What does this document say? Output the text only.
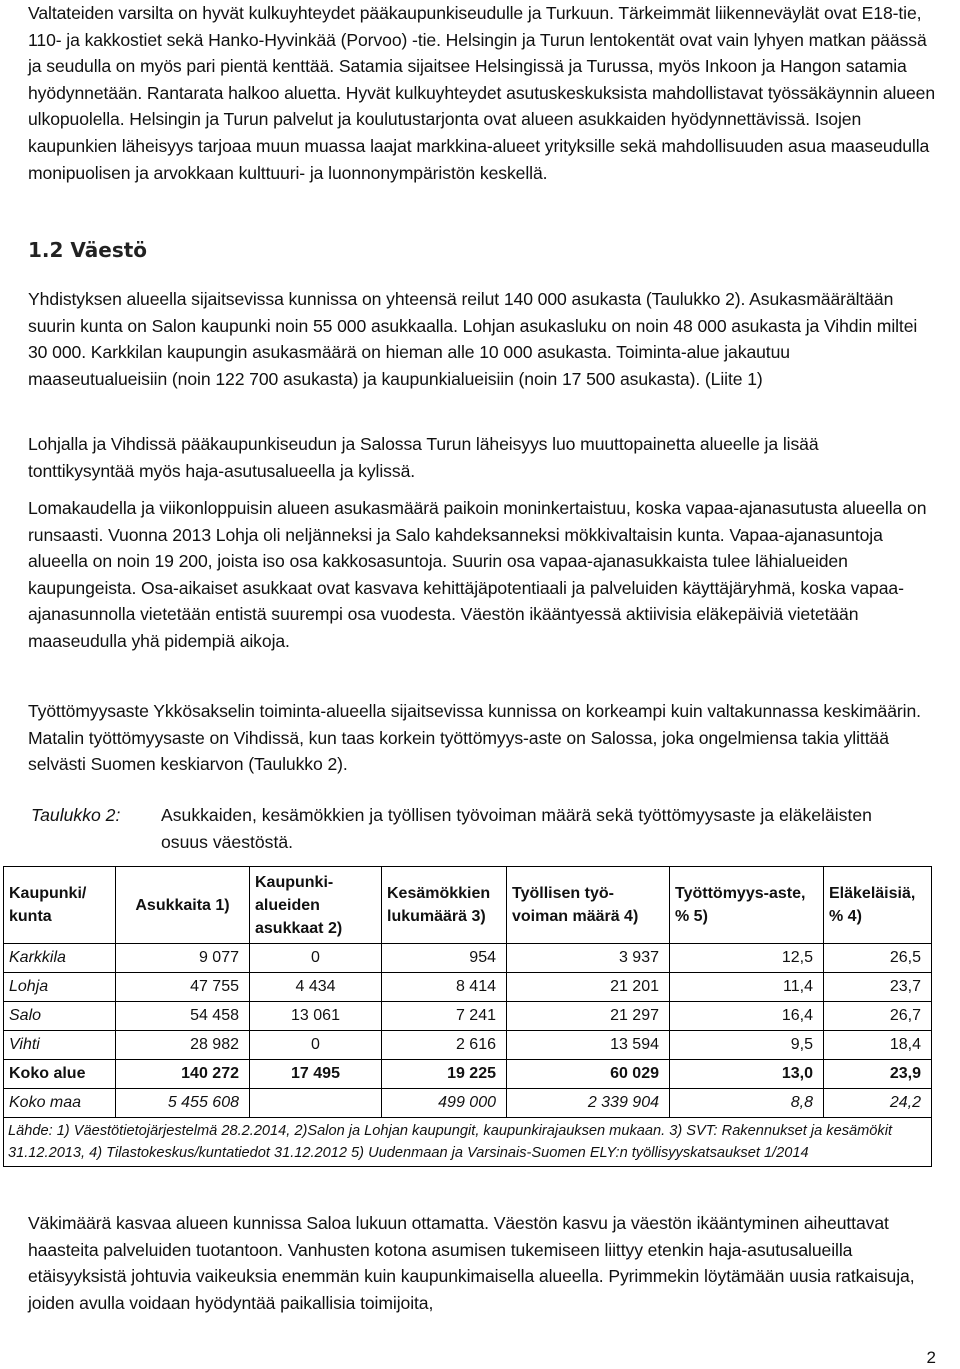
Valtateiden varsilta on hyvät kulkuyhteydet pääkaupunkiseudulle ja Turkuun. Tärkeimmät liikenneväylät ovat E18-tie, 110- ja kakkostiet sekä Hanko-Hyvinkää (Porvoo) -tie. Helsingin ja Turun lentokentät ovat vain lyhyen matkan päässä ja seudulla on myös pari pientä kenttää. Satamia sijaitsee Helsingissä ja Turussa, myös Inkoon ja Hangon satamia hyödynnetään. Rantarata halkoo aluetta. Hyvät kulkuyhteydet asutuskeskuksista mahdollistavat työssäkäynnin alueen ulkopuolella. Helsingin ja Turun palvelut ja koulutustarjonta ovat alueen asukkaiden hyödynnettävissä. Isojen kaupunkien läheisyys tarjoaa muun muassa laajat markkina-alueet yrityksille sekä mahdollisuuden asua maaseudulla monipuolisen ja arvokkaan kulttuuri- ja luonnonympäristön keskellä.

1.2 Väestö

Yhdistyksen alueella sijaitsevissa kunnissa on yhteensä reilut 140 000 asukasta (Taulukko 2). Asukasmäärältään suurin kunta on Salon kaupunki noin 55 000 asukkaalla. Lohjan asukasluku on noin 48 000 asukasta ja Vihdin miltei 30 000. Karkkilan kaupungin asukasmäärä on hieman alle 10 000 asukasta. Toiminta-alue jakautuu maaseutualueisiin (noin 122 700 asukasta) ja kaupunkialueisiin (noin 17 500 asukasta). (Liite 1)

Lohjalla ja Vihdissä pääkaupunkiseudun ja Salossa Turun läheisyys luo muuttopainetta alueelle ja lisää tonttikysyntää myös haja-asutusalueella ja kylissä.

Lomakaudella ja viikonloppuisin alueen asukasmäärä paikoin moninkertaistuu, koska vapaa-ajanasutusta alueella on runsaasti. Vuonna 2013 Lohja oli neljänneksi ja Salo kahdeksanneksi mökkivaltaisin kunta. Vapaa-ajanasuntoja alueella on noin 19 200, joista iso osa kakkosasuntoja. Suurin osa vapaa-ajanasukkaista tulee lähialueiden kaupungeista. Osa-aikaiset asukkaat ovat kasvava kehittäjäpotentiaali ja palveluiden käyttäjäryhmä, koska vapaa-ajanasunnolla vietetään entistä suurempi osa vuodesta. Väestön ikääntyessä aktiivisia eläkepäiviä vietetään maaseudulla yhä pidempiä aikoja.

Työttömyysaste Ykkösakselin toiminta-alueella sijaitsevissa kunnissa on korkeampi kuin valtakunnassa keskimäärin. Matalin työttömyysaste on Vihdissä, kun taas korkein työttömyys-aste on Salossa, joka ongelmiensa takia ylittää selvästi Suomen keskiarvon (Taulukko 2).

Taulukko 2: Asukkaiden, kesämökkien ja työllisen työvoiman määrä sekä työttömyysaste ja eläkeläisten osuus väestöstä.
Kaupunki/ kunta	Asukkaita 1)	Kaupunki-alueiden asukkaat 2)	Kesämökkien lukumäärä 3)	Työllisen työ-voiman määrä 4)	Työttömyys-aste, % 5)	Eläkeläisiä, % 4)
Karkkila	9 077	0	954	3 937	12,5	26,5
Lohja	47 755	4 434	8 414	21 201	11,4	23,7
Salo	54 458	13 061	7 241	21 297	16,4	26,7
Vihti	28 982	0	2 616	13 594	9,5	18,4
Koko alue	140 272	17 495	19 225	60 029	13,0	23,9
Koko maa	5 455 608		499 000	2 339 904	8,8	24,2
Lähde: 1) Väestötietojärjestelmä 28.2.2014, 2)Salon ja Lohjan kaupungit, kaupunkirajauksen mukaan. 3) SVT: Rakennukset ja kesämökit 31.12.2013, 4) Tilastokeskus/kuntatiedot 31.12.2012 5) Uudenmaan ja Varsinais-Suomen ELY:n työllisyyskatsaukset 1/2014						

Väkimäärä kasvaa alueen kunnissa Saloa lukuun ottamatta. Väestön kasvu ja väestön ikääntyminen aiheuttavat haasteita palveluiden tuotantoon. Vanhusten kotona asumisen tukemiseen liittyy etenkin haja-asutusalueilla etäisyyksistä johtuvia vaikeuksia enemmän kuin kaupunkimaisella alueella. Pyrimmekin löytämään uusia ratkaisuja, joiden avulla voidaan hyödyntää paikallisia toimijoita,

2
